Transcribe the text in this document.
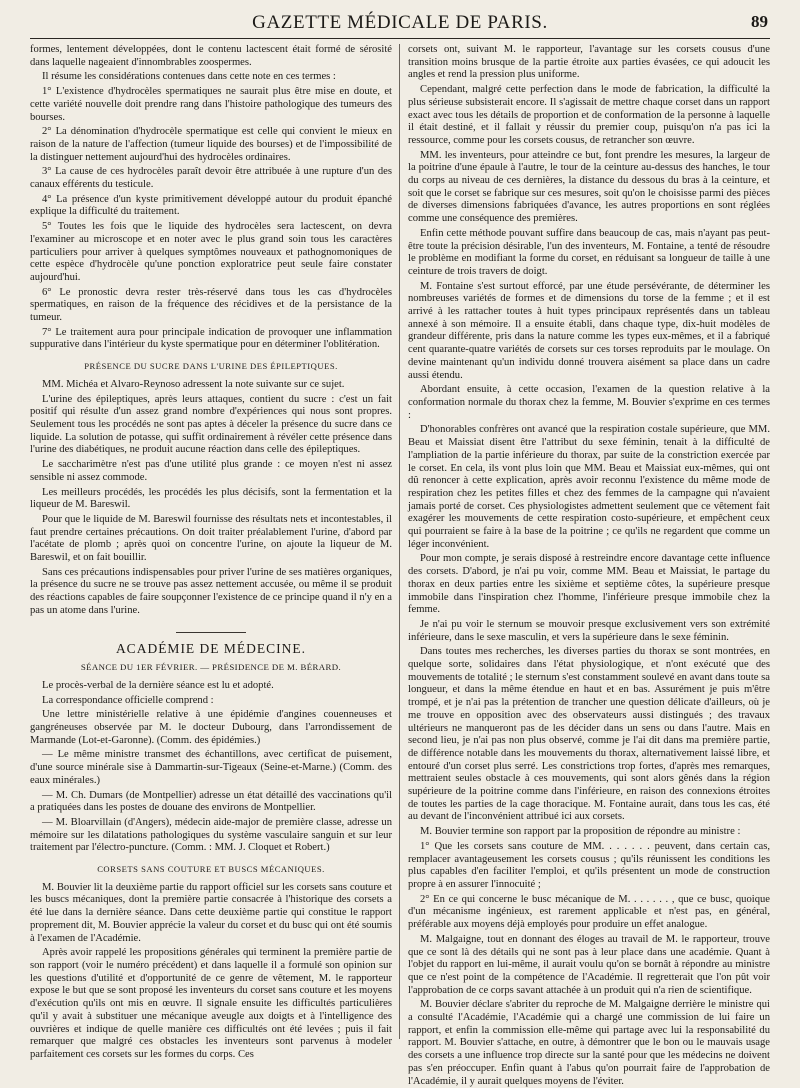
GAZETTE MÉDICALE DE PARIS.	89

formes, lentement développées, dont le contenu lactescent était formé de sérosité dans laquelle nageaient d'innombrables zoospermes.

Il résume les considérations contenues dans cette note en ces termes :

1° L'existence d'hydrocèles spermatiques ne saurait plus être mise en doute, et cette variété nouvelle doit prendre rang dans l'histoire pathologique des tumeurs des bourses.

2° La dénomination d'hydrocèle spermatique est celle qui convient le mieux en raison de la nature de l'affection (tumeur liquide des bourses) et de l'impossibilité de la distinguer nettement aujourd'hui des hydrocèles ordinaires.

3° La cause de ces hydrocèles paraît devoir être attribuée à une rupture d'un des canaux efférents du testicule.

4° La présence d'un kyste primitivement développé autour du produit épanché explique la difficulté du traitement.

5° Toutes les fois que le liquide des hydrocèles sera lactescent, on devra l'examiner au microscope et en noter avec le plus grand soin tous les caractères particuliers pour arriver à quelques symptômes nouveaux et pathognomoniques de cette espèce d'hydrocèle qu'une ponction exploratrice peut seule faire constater aujourd'hui.

6° Le pronostic devra rester très-réservé dans tous les cas d'hydrocèles spermatiques, en raison de la fréquence des récidives et de la persistance de la tumeur.

7° Le traitement aura pour principale indication de provoquer une inflammation suppurative dans l'intérieur du kyste spermatique pour en déterminer l'oblitération.

PRÉSENCE DU SUCRE DANS L'URINE DES ÉPILEPTIQUES.

MM. Michéa et Alvaro-Reynoso adressent la note suivante sur ce sujet.

L'urine des épileptiques, après leurs attaques, contient du sucre : c'est un fait positif qui résulte d'un assez grand nombre d'expériences qui nous sont propres. Seulement tous les procédés ne sont pas aptes à déceler la présence du sucre dans ce liquide. La solution de potasse, qui suffit ordinairement à révéler cette présence dans l'urine des diabétiques, ne produit aucune réaction dans celle des épileptiques.

Le saccharimètre n'est pas d'une utilité plus grande : ce moyen n'est ni assez sensible ni assez commode.

Les meilleurs procédés, les procédés les plus décisifs, sont la fermentation et la liqueur de M. Bareswil.

Pour que le liquide de M. Bareswil fournisse des résultats nets et incontestables, il faut prendre certaines précautions. On doit traiter préalablement l'urine, d'abord par l'acétate de plomb ; après quoi on concentre l'urine, on ajoute la liqueur de M. Bareswil, et on fait bouillir.

Sans ces précautions indispensables pour priver l'urine de ses matières organiques, la présence du sucre ne se trouve pas assez nettement accusée, ou même il se produit des réactions capables de faire soupçonner l'existence de ce principe quand il n'y en a pas un atome dans l'urine.

ACADÉMIE DE MÉDECINE.
SÉANCE DU 1ER FÉVRIER. — PRÉSIDENCE DE M. BÉRARD.

Le procès-verbal de la dernière séance est lu et adopté.

La correspondance officielle comprend :

Une lettre ministérielle relative à une épidémie d'angines couenneuses et gangréneuses observée par M. le docteur Dubourg, dans l'arrondissement de Marmande (Lot-et-Garonne). (Comm. des épidémies.)

— Le même ministre transmet des échantillons, avec certificat de puisement, d'une source minérale sise à Dammartin-sur-Tigeaux (Seine-et-Marne.) (Comm. des eaux minérales.)

— M. Ch. Dumars (de Montpellier) adresse un état détaillé des vaccinations qu'il a pratiquées dans les postes de douane des environs de Montpellier.

— M. Bloarvillain (d'Angers), médecin aide-major de première classe, adresse un mémoire sur les dilatations pathologiques du système vasculaire sanguin et sur leur traitement par l'électro-puncture. (Comm. : MM. J. Cloquet et Robert.)

CORSETS SANS COUTURE ET BUSCS MÉCANIQUES.

M. Bouvier lit la deuxième partie du rapport officiel sur les corsets sans couture et les buscs mécaniques, dont la première partie consacrée à l'historique des corsets a été lue dans la dernière séance. Dans cette deuxième partie qui constitue le rapport proprement dit, M. Bouvier apprécie la valeur du corset et du busc qui ont été soumis à l'examen de l'Académie.

Après avoir rappelé les propositions générales qui terminent la première partie de son rapport (voir le numéro précédent) et dans laquelle il a formulé son opinion sur les questions d'utilité et d'opportunité de ce genre de vêtement, M. le rapporteur expose le but que se sont proposé les inventeurs du corset sans couture et les moyens d'exécution qu'ils ont mis en œuvre. Il signale ensuite les difficultés particulières qu'il y avait à substituer une mécanique aveugle aux doigts et à l'intelligence des ouvrières et indique de quelle manière ces difficultés ont été levées ; puis il fait remarquer que malgré ces obstacles les inventeurs sont parvenus à modeler parfaitement ces corsets sur les formes du corps. Ces

corsets ont, suivant M. le rapporteur, l'avantage sur les corsets cousus d'une transition moins brusque de la partie étroite aux parties évasées, ce qui adoucit les angles et rend la pression plus uniforme.

Cependant, malgré cette perfection dans le mode de fabrication, la difficulté la plus sérieuse subsisterait encore. Il s'agissait de mettre chaque corset dans un rapport exact avec tous les détails de proportion et de conformation de la personne à laquelle il était destiné, et il fallait y réussir du premier coup, puisqu'on n'a pas ici la ressource, comme pour les corsets cousus, de retrancher son œuvre.

MM. les inventeurs, pour atteindre ce but, font prendre les mesures, la largeur de la poitrine d'une épaule à l'autre, le tour de la ceinture au-dessus des hanches, le tour du corps au niveau de ces dernières, la distance du dessous du bras à la ceinture, et soit que le corset se fabrique sur ces mesures, soit qu'on le choisisse parmi des pièces de diverses dimensions fabriquées d'avance, les autres proportions en sont réglées comme une conséquence des premières.

Enfin cette méthode pouvant suffire dans beaucoup de cas, mais n'ayant pas peut-être toute la précision désirable, l'un des inventeurs, M. Fontaine, a tenté de résoudre le problème en modifiant la forme du corset, en réduisant sa longueur de taille à une ceinture de trois travers de doigt.

M. Fontaine s'est surtout efforcé, par une étude persévérante, de déterminer les nombreuses variétés de formes et de dimensions du torse de la femme ; et il est arrivé à les rattacher toutes à huit types principaux représentés dans un tableau annexé à son mémoire. Il a ensuite établi, dans chaque type, dix-huit modèles de grandeur différente, pris dans la nature comme les types eux-mêmes, et il a fabriqué cent quarante-quatre variétés de corsets sur ces torses reproduits par le moulage. On devine maintenant qu'un individu donné trouvera aisément sa place dans un cadre aussi étendu.

Abordant ensuite, à cette occasion, l'examen de la question relative à la conformation normale du thorax chez la femme, M. Bouvier s'exprime en ces termes :

D'honorables confrères ont avancé que la respiration costale supérieure, que MM. Beau et Maissiat disent être l'attribut du sexe féminin, tenait à la difficulté de l'ampliation de la partie inférieure du thorax, par suite de la constriction exercée par le corset. En cela, ils vont plus loin que MM. Beau et Maissiat eux-mêmes, qui ont dû renoncer à cette explication, après avoir reconnu l'existence du même mode de respiration chez les petites filles et chez des femmes de la campagne qui n'avaient jamais porté de corset. Ces physiologistes admettent seulement que ce vêtement fait exagérer les mouvements de cette respiration costo-supérieure, et empêchent ceux qui pourraient se faire à la base de la poitrine ; ce qu'ils ne regardent que comme un léger inconvénient.

Pour mon compte, je serais disposé à restreindre encore davantage cette influence des corsets. D'abord, je n'ai pu voir, comme MM. Beau et Maissiat, le partage du thorax en deux parties entre les sixième et septième côtes, la supérieure presque immobile dans l'inspiration chez l'homme, l'inférieure presque immobile chez la femme.

Je n'ai pu voir le sternum se mouvoir presque exclusivement vers son extrémité inférieure, dans le sexe masculin, et vers la supérieure dans le sexe féminin.

Dans toutes mes recherches, les diverses parties du thorax se sont montrées, en quelque sorte, solidaires dans l'état physiologique, et n'ont exécuté que des mouvements de totalité ; le sternum s'est constamment soulevé en avant dans toute sa longueur, et dans la même étendue en haut et en bas. Assurément je puis m'être trompé, et je n'ai pas la prétention de trancher une question délicate d'ailleurs, où je me trouve en opposition avec des observateurs aussi distingués ; des travaux ultérieurs ne manqueront pas de les décider dans un sens ou dans l'autre. Mais en second lieu, je n'ai pas non plus observé, comme je l'ai dit dans ma première partie, de différence notable dans les mouvements du thorax, alternativement laissé libre, et entouré d'un corset plus serré. Les constrictions trop fortes, d'après mes remarques, mettraient seules obstacle à ces mouvements, qui sont alors gênés dans la région supérieure de la poitrine comme dans l'inférieure, en raison des connexions étroites de toutes les parties de la cage thoracique. M. Fontaine aurait, dans tous les cas, été au devant de l'inconvénient attribué ici aux corsets.

M. Bouvier termine son rapport par la proposition de répondre au ministre :

1° Que les corsets sans couture de MM. . . . . . . peuvent, dans certain cas, remplacer avantageusement les corsets cousus ; qu'ils réunissent les conditions les plus capables d'en faciliter l'emploi, et qu'ils présentent un mode de construction propre à en assurer l'innocuité ;

2° En ce qui concerne le busc mécanique de M. . . . . . . , que ce busc, quoique d'un mécanisme ingénieux, est rarement applicable et n'est pas, en général, préférable aux moyens déjà employés pour produire un effet analogue.

M. Malgaigne, tout en donnant des éloges au travail de M. le rapporteur, trouve que ce sont là des détails qui ne sont pas à leur place dans une académie. Quant à l'objet du rapport en lui-même, il aurait voulu qu'on se bornât à répondre au ministre que ce n'est point de la compétence de l'Académie. Il regretterait que l'on pût voir l'approbation de ce corps savant attachée à un produit qui n'a rien de scientifique.

M. Bouvier déclare s'abriter du reproche de M. Malgaigne derrière le ministre qui a consulté l'Académie, l'Académie qui a chargé une commission de lui faire un rapport, et enfin la commission elle-même qui partage avec lui la responsabilité du rapport. M. Bouvier s'attache, en outre, à démontrer que le bon ou le mauvais usage des corsets a une influence trop directe sur la santé pour que les médecins ne doivent pas s'en préoccuper. Enfin quant à l'abus qu'on pourrait faire de l'approbation de l'Académie, il y aurait quelques moyens de l'éviter.
